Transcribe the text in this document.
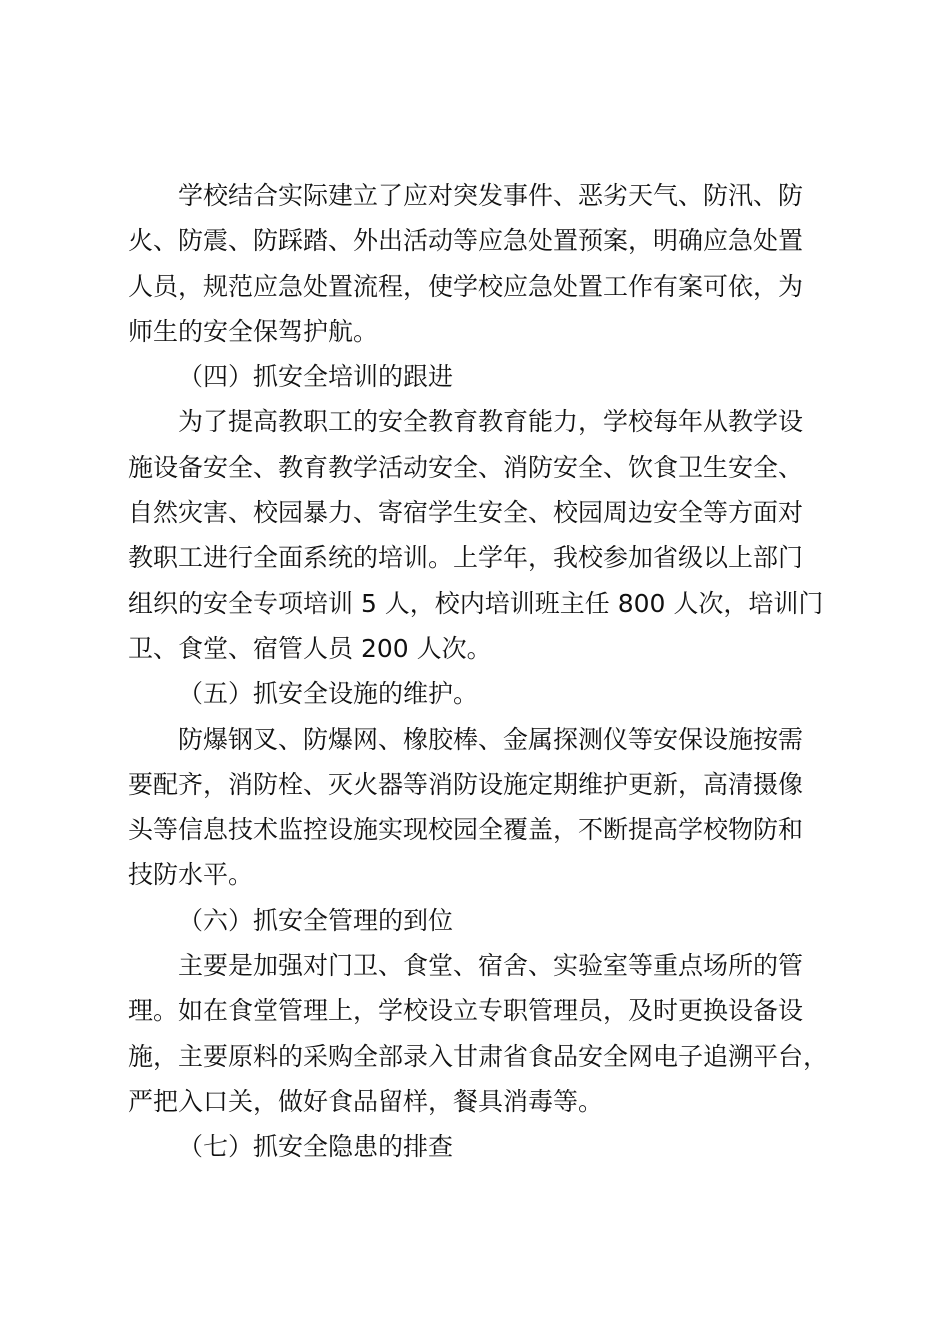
学校结合实际建立了应对突发事件、恶劣天气、防汛、防
火、防震、防踩踏、外出活动等应急处置预案，明确应急处置
人员，规范应急处置流程，使学校应急处置工作有案可依，为
师生的安全保驾护航。
（四）抓安全培训的跟进
为了提高教职工的安全教育教育能力，学校每年从教学设
施设备安全、教育教学活动安全、消防安全、饮食卫生安全、
自然灾害、校园暴力、寄宿学生安全、校园周边安全等方面对
教职工进行全面系统的培训。上学年，我校参加省级以上部门
组织的安全专项培训 5 人，校内培训班主任 800 人次，培训门
卫、食堂、宿管人员 200 人次。
（五）抓安全设施的维护。
防爆钢叉、防爆网、橡胶棒、金属探测仪等安保设施按需
要配齐，消防栓、灭火器等消防设施定期维护更新，高清摄像
头等信息技术监控设施实现校园全覆盖，不断提高学校物防和
技防水平。
（六）抓安全管理的到位
主要是加强对门卫、食堂、宿舍、实验室等重点场所的管
理。如在食堂管理上，学校设立专职管理员，及时更换设备设
施，主要原料的采购全部录入甘肃省食品安全网电子追溯平台，
严把入口关，做好食品留样，餐具消毒等。
（七）抓安全隐患的排查
